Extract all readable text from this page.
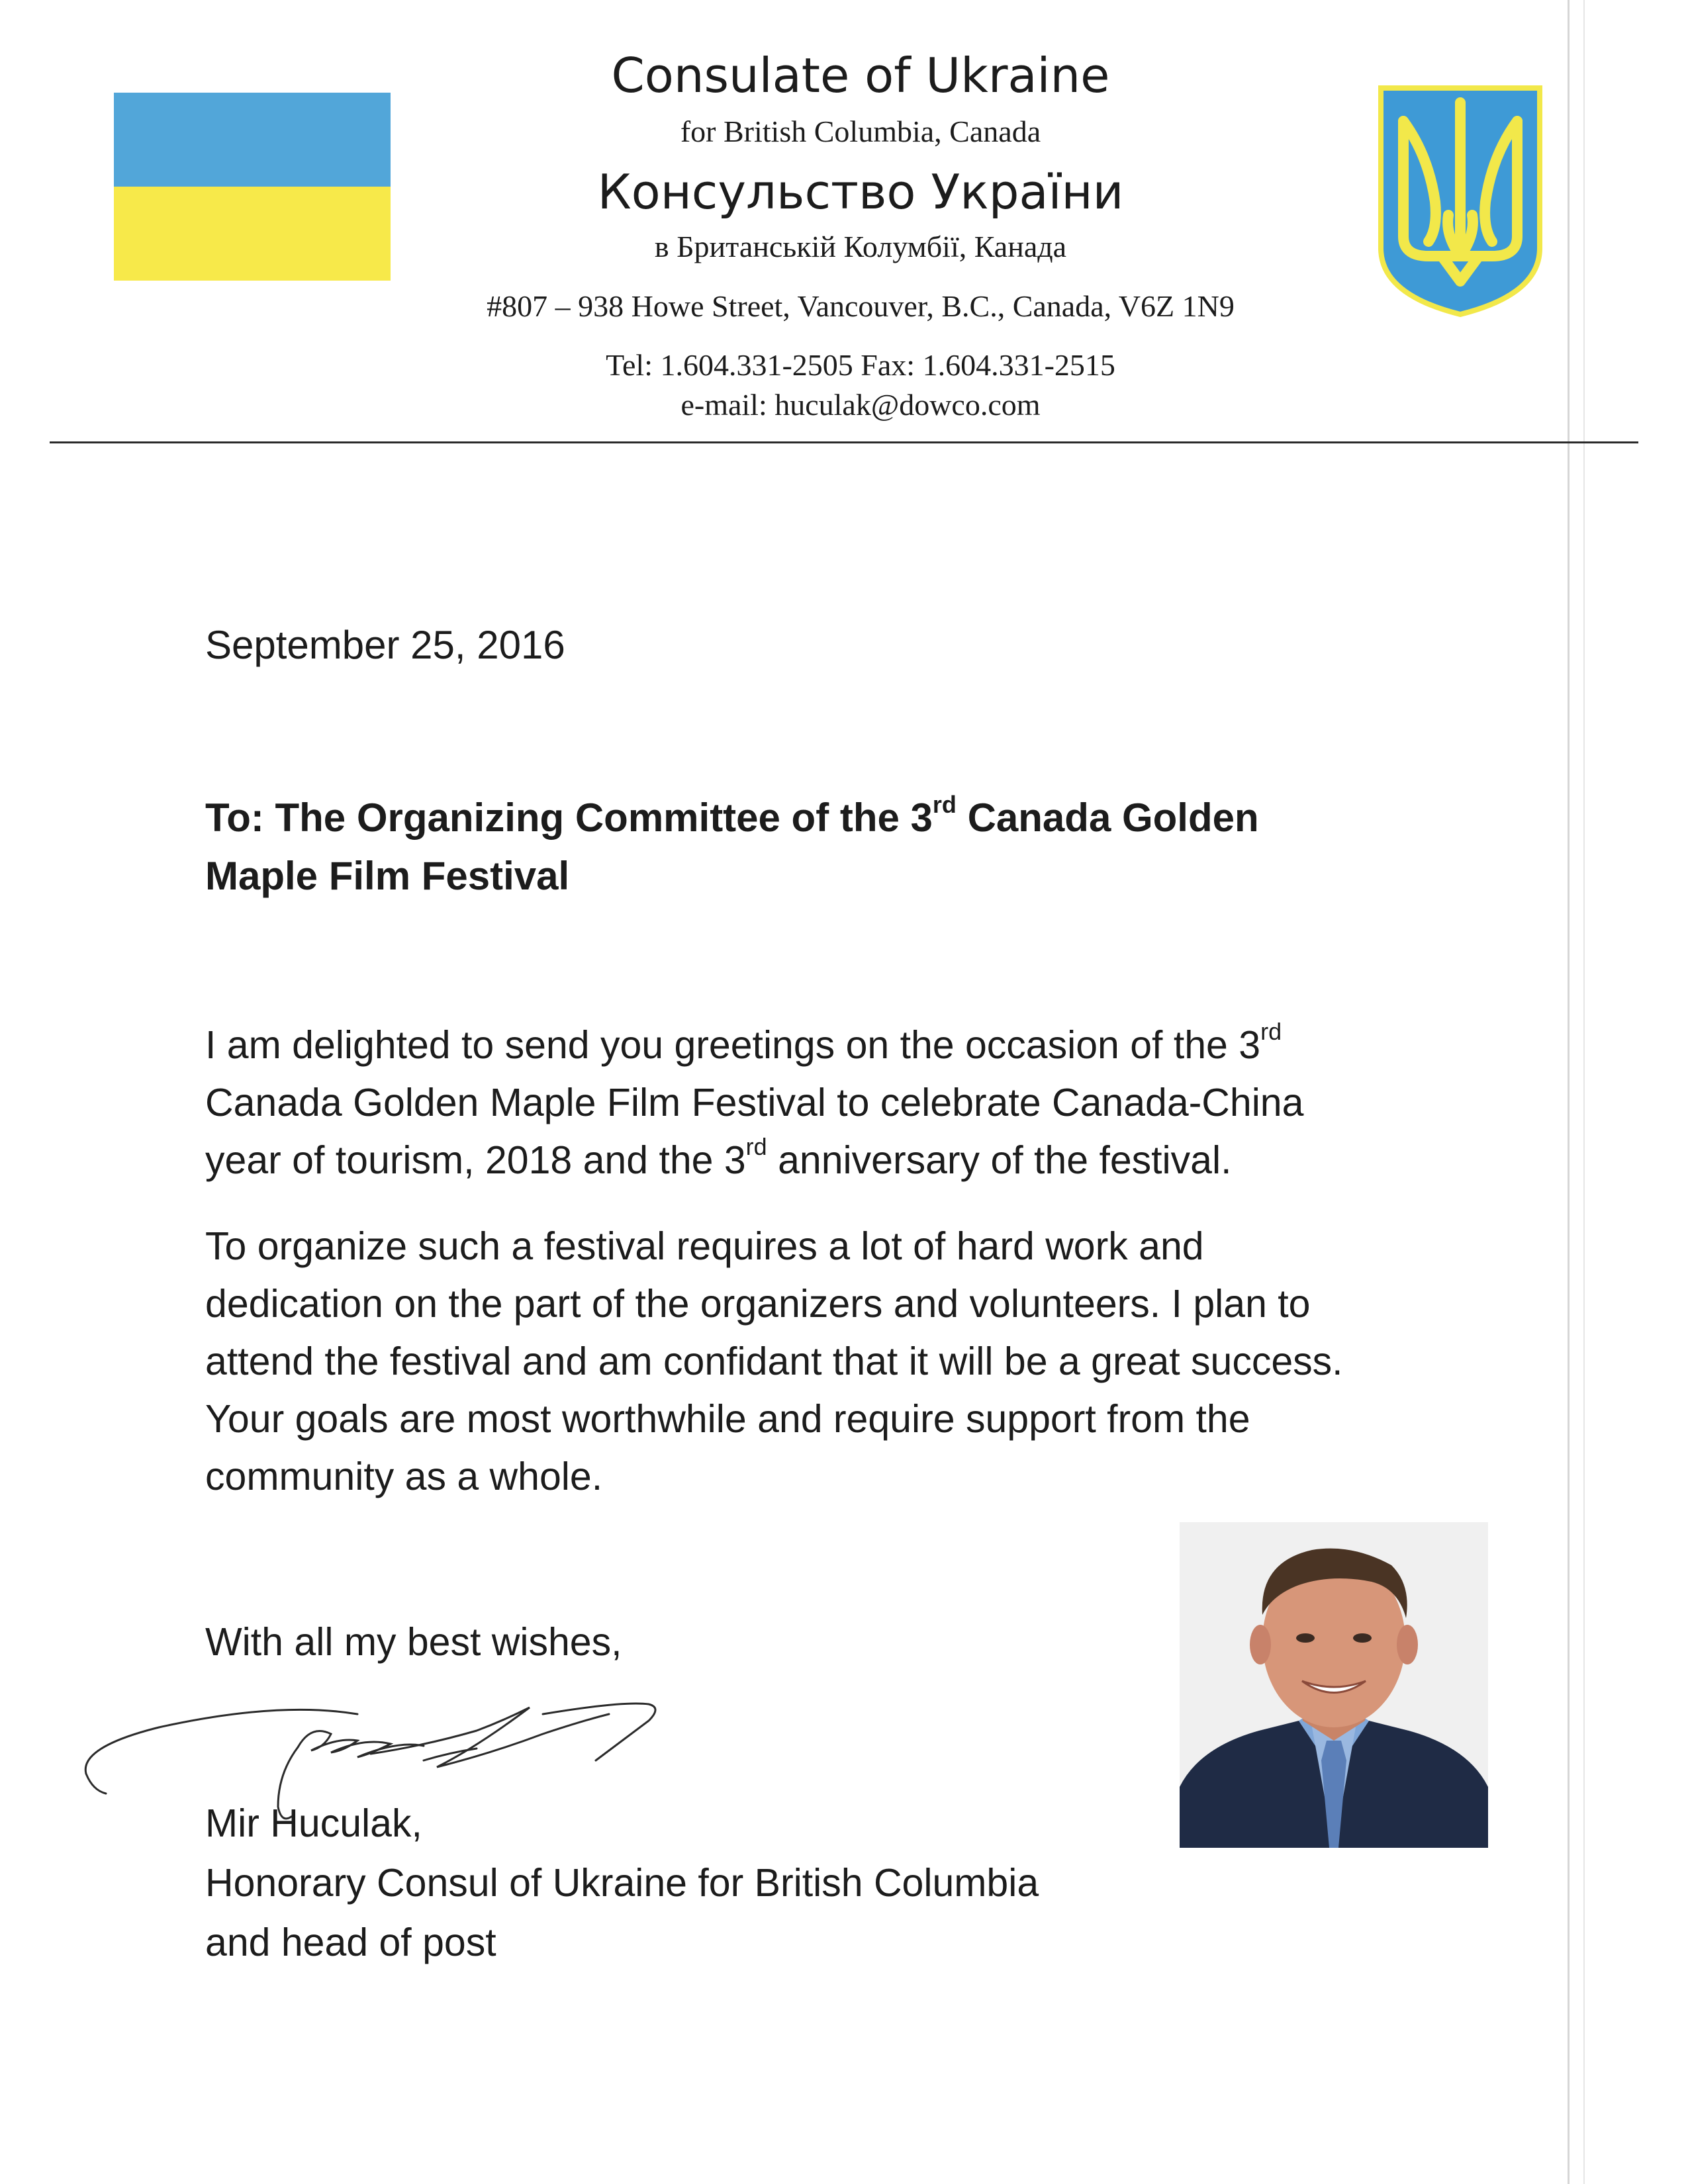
Consulate of Ukraine
for British Columbia, Canada
Консульство України
в Британській Колумбії, Канада
#807 – 938 Howe Street, Vancouver, B.C., Canada, V6Z 1N9
Tel: 1.604.331-2505 Fax: 1.604.331-2515
e-mail: huculak@dowco.com
September 25, 2016
To: The Organizing Committee of the 3rd Canada Golden
Maple Film Festival
I am delighted to send you greetings on the occasion of the 3rd
Canada Golden Maple Film Festival to celebrate Canada-China
year of tourism, 2018 and the 3rd anniversary of the festival.
To organize such a festival requires a lot of hard work and
dedication on the part of the organizers and volunteers. I plan to
attend the festival and am confidant that it will be a great success.
Your goals are most worthwhile and require support from the
community as a whole.
With all my best wishes,
Mir Huculak,
Honorary Consul of Ukraine for British Columbia
and head of post
